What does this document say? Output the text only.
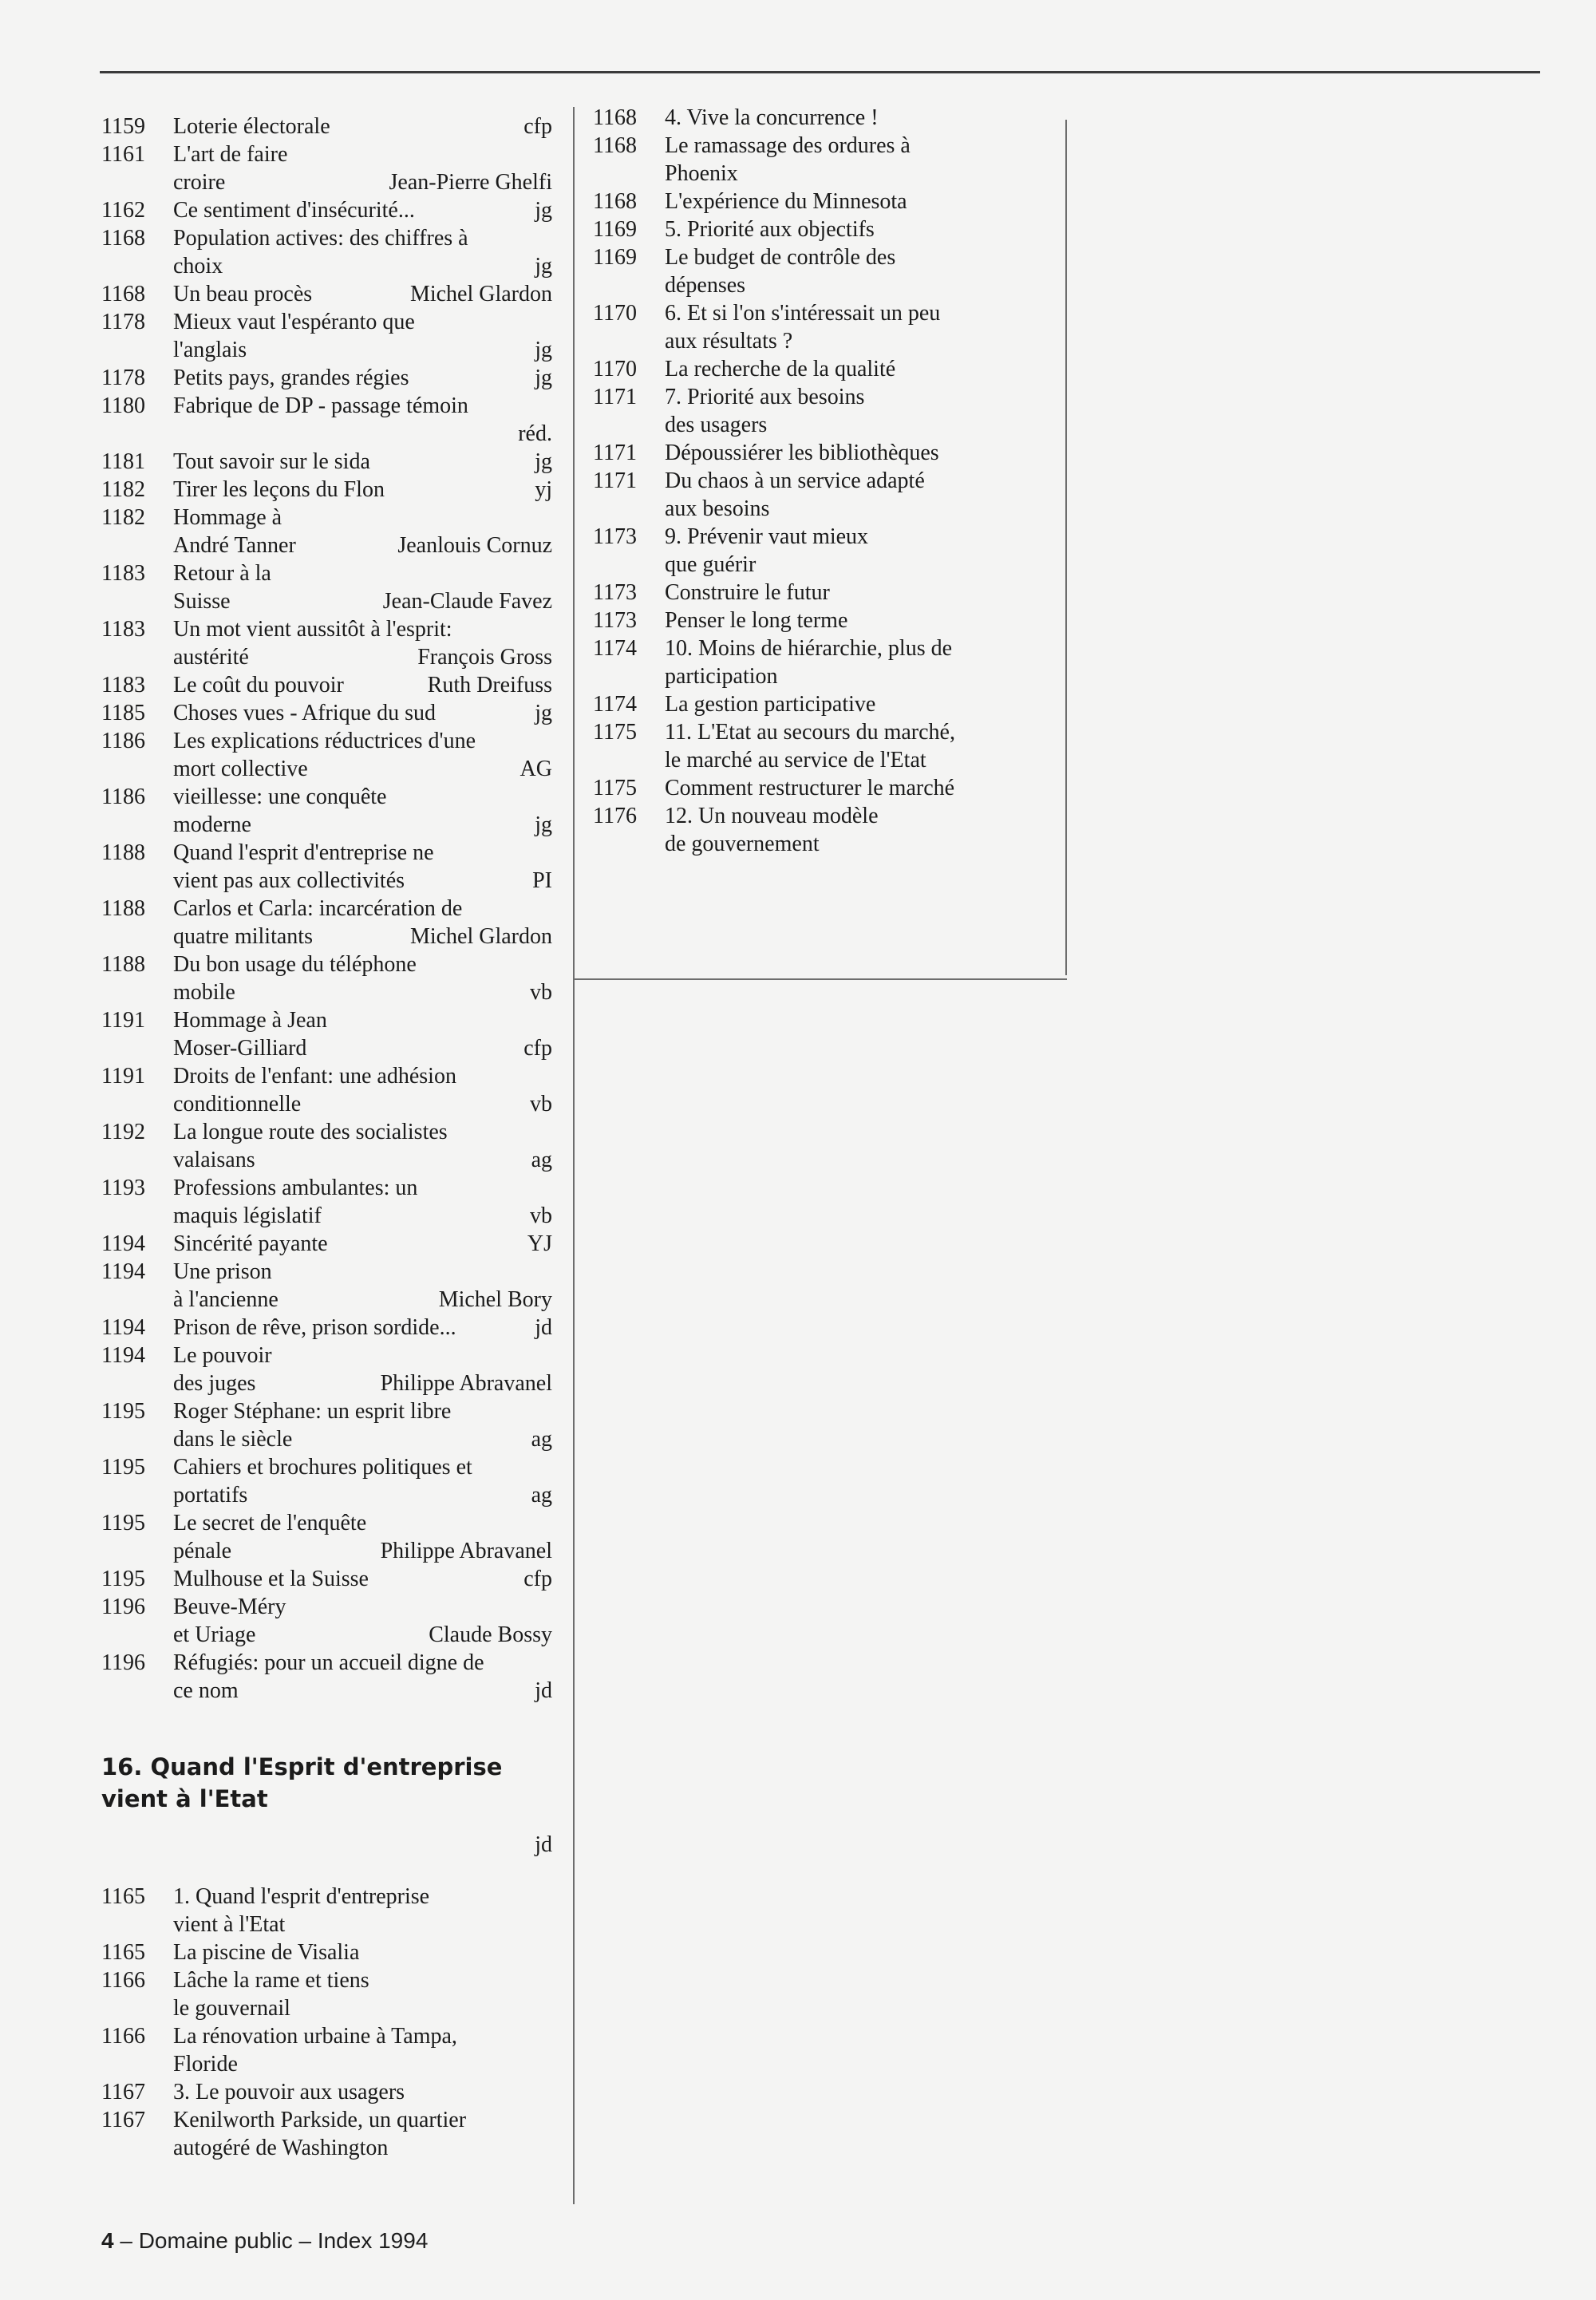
1159	Loterie électorale	cfp
1161	L'art de faire
croire	Jean-Pierre Ghelfi
1162	Ce sentiment d'insécurité...	jg
1168	Population actives: des chiffres à
choix	jg
1168	Un beau procès	Michel Glardon
1178	Mieux vaut l'espéranto que
l'anglais	jg
1178	Petits pays, grandes régies	jg
1180	Fabrique de DP - passage témoin
réd.
1181	Tout savoir sur le sida	jg
1182	Tirer les leçons du Flon	yj
1182	Hommage à
André Tanner	Jeanlouis Cornuz
1183	Retour à la
Suisse	Jean-Claude Favez
1183	Un mot vient aussitôt à l'esprit:
austérité	François Gross
1183	Le coût du pouvoir	Ruth Dreifuss
1185	Choses vues - Afrique du sud	jg
1186	Les explications réductrices d'une
mort collective	AG
1186	vieillesse: une conquête
moderne	jg
1188	Quand l'esprit d'entreprise ne
vient pas aux collectivités	PI
1188	Carlos et Carla: incarcération de
quatre militants	Michel Glardon
1188	Du bon usage du téléphone
mobile	vb
1191	Hommage à Jean
Moser-Gilliard	cfp
1191	Droits de l'enfant: une adhésion
conditionnelle	vb
1192	La longue route des socialistes
valaisans	ag
1193	Professions ambulantes: un
maquis législatif	vb
1194	Sincérité payante	YJ
1194	Une prison
à l'ancienne	Michel Bory
1194	Prison de rêve, prison sordide...	jd
1194	Le pouvoir
des juges	Philippe Abravanel
1195	Roger Stéphane: un esprit libre
dans le siècle	ag
1195	Cahiers et brochures politiques et
portatifs	ag
1195	Le secret de l'enquête
pénale	Philippe Abravanel
1195	Mulhouse et la Suisse	cfp
1196	Beuve-Méry
et Uriage	Claude Bossy
1196	Réfugiés: pour un accueil digne de
ce nom	jd
16. Quand l'Esprit d'entreprise vient à l'Etat
jd
1165	1. Quand l'esprit d'entreprise
vient à l'Etat
1165	La piscine de Visalia
1166	Lâche la rame et tiens
le gouvernail
1166	La rénovation urbaine à Tampa,
Floride
1167	3. Le pouvoir aux usagers
1167	Kenilworth Parkside, un quartier
autogéré de Washington
1168	4. Vive la concurrence !
1168	Le ramassage des ordures à
Phoenix
1168	L'expérience du Minnesota
1169	5. Priorité aux objectifs
1169	Le budget de contrôle des
dépenses
1170	6. Et si l'on s'intéressait un peu
aux résultats ?
1170	La recherche de la qualité
1171	7. Priorité aux besoins
des usagers
1171	Dépoussiérer les bibliothèques
1171	Du chaos à un service adapté
aux besoins
1173	9. Prévenir vaut mieux
que guérir
1173	Construire le futur
1173	Penser le long terme
1174	10. Moins de hiérarchie, plus de
participation
1174	La gestion participative
1175	11. L'Etat au secours du marché,
le marché au service de l'Etat
1175	Comment restructurer le marché
1176	12. Un nouveau modèle
de gouvernement
4 – Domaine public – Index 1994
